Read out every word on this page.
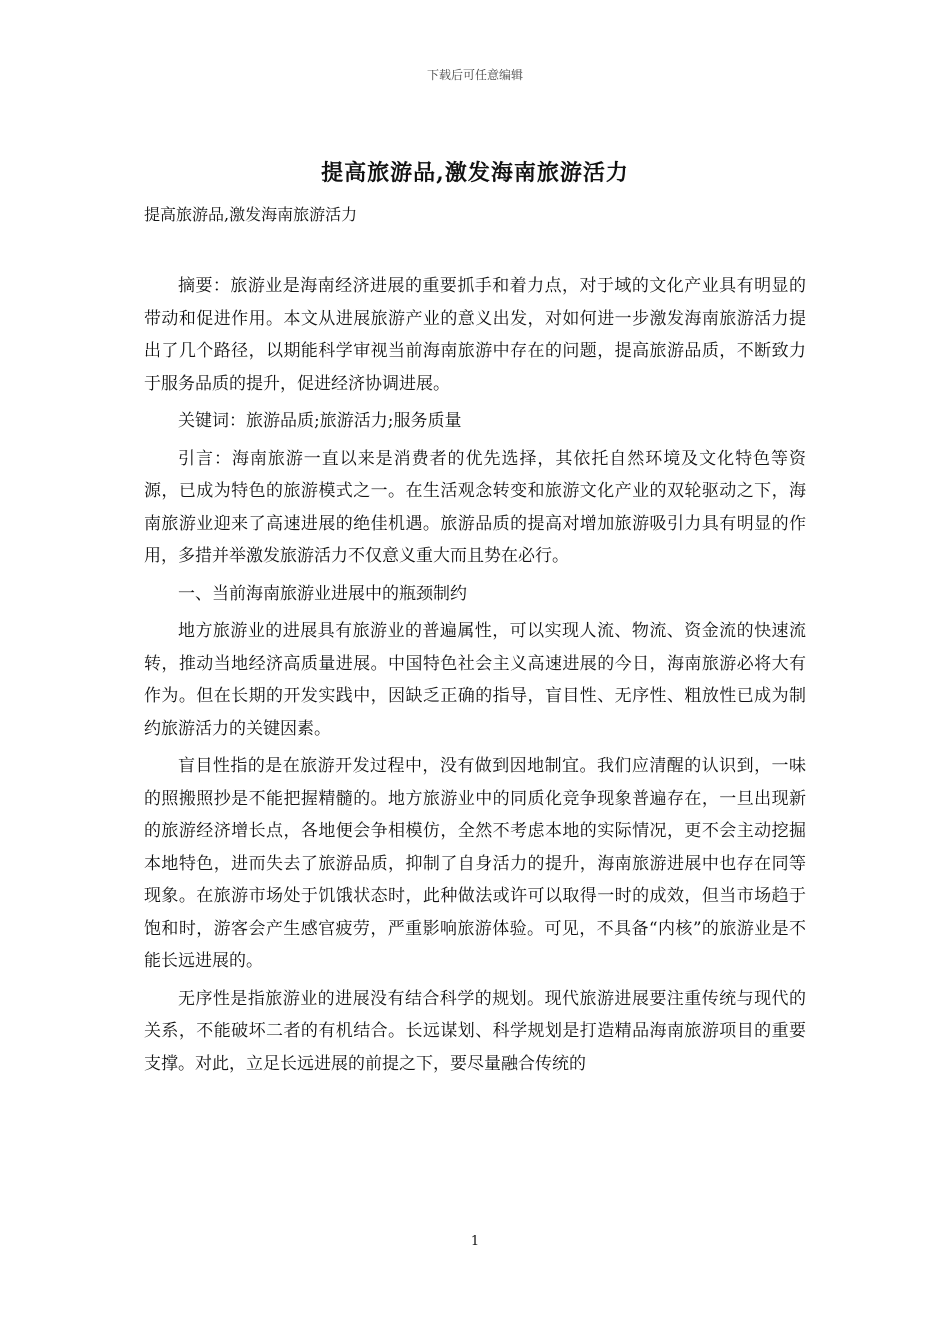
下载后可任意编辑
提高旅游品,激发海南旅游活力
提高旅游品,激发海南旅游活力

摘要：旅游业是海南经济进展的重要抓手和着力点，对于域的文化产业具有明显的带动和促进作用。本文从进展旅游产业的意义出发，对如何进一步激发海南旅游活力提出了几个路径，以期能科学审视当前海南旅游中存在的问题，提高旅游品质，不断致力于服务品质的提升，促进经济协调进展。

关键词：旅游品质;旅游活力;服务质量

引言：海南旅游一直以来是消费者的优先选择，其依托自然环境及文化特色等资源，已成为特色的旅游模式之一。在生活观念转变和旅游文化产业的双轮驱动之下，海南旅游业迎来了高速进展的绝佳机遇。旅游品质的提高对增加旅游吸引力具有明显的作用，多措并举激发旅游活力不仅意义重大而且势在必行。

一、当前海南旅游业进展中的瓶颈制约

地方旅游业的进展具有旅游业的普遍属性，可以实现人流、物流、资金流的快速流转，推动当地经济高质量进展。中国特色社会主义高速进展的今日，海南旅游必将大有作为。但在长期的开发实践中，因缺乏正确的指导，盲目性、无序性、粗放性已成为制约旅游活力的关键因素。

盲目性指的是在旅游开发过程中，没有做到因地制宜。我们应清醒的认识到，一味的照搬照抄是不能把握精髓的。地方旅游业中的同质化竞争现象普遍存在，一旦出现新的旅游经济增长点，各地便会争相模仿，全然不考虑本地的实际情况，更不会主动挖掘本地特色，进而失去了旅游品质，抑制了自身活力的提升，海南旅游进展中也存在同等现象。在旅游市场处于饥饿状态时，此种做法或许可以取得一时的成效，但当市场趋于饱和时，游客会产生感官疲劳，严重影响旅游体验。可见，不具备“内核”的旅游业是不能长远进展的。

无序性是指旅游业的进展没有结合科学的规划。现代旅游进展要注重传统与现代的关系，不能破坏二者的有机结合。长远谋划、科学规划是打造精品海南旅游项目的重要支撑。对此，立足长远进展的前提之下，要尽量融合传统的

1
